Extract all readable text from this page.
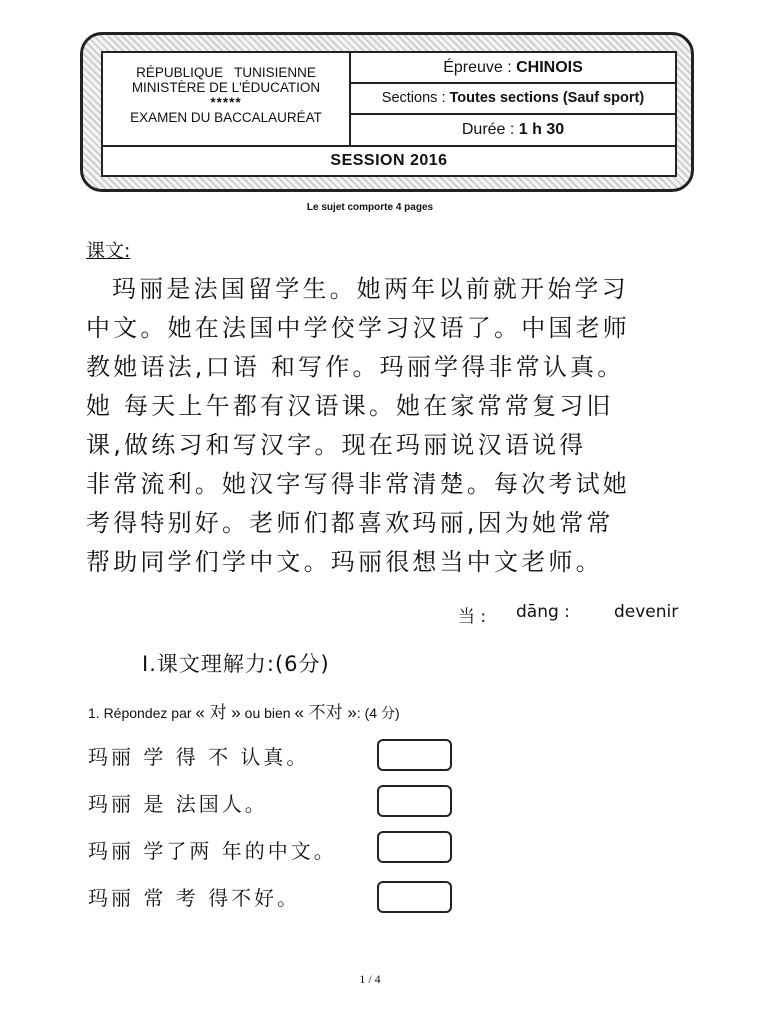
RÉPUBLIQUE   TUNISIENNE
MINISTÈRE DE L'ÉDUCATION
*****
EXAMEN DU BACCALAURÉAT
Épreuve : CHINOIS
Sections : Toutes sections (Sauf sport)
Durée : 1 h 30
SESSION 2016
Le sujet comporte 4 pages
课文:
玛丽是法国留学生。她两年以前就开始学习
中文。她在法国中学佼学习汉语了。中国老师
教她语法,口语 和写作。玛丽学得非常认真。
她 每天上午都有汉语课。她在家常常复习旧
课,做练习和写汉字。现在玛丽说汉语说得
非常流利。她汉字写得非常清楚。每次考试她
考得特别好。老师们都喜欢玛丽,因为她常常
帮助同学们学中文。玛丽很想当中文老师。
当 : dāng :	devenir
I.课文理解力:(6分)
1. Répondez par « 对 » ou bien « 不对 »: (4 分)
玛丽 学 得 不 认真。
玛丽 是 法国人。
玛丽 学了两 年的中文。
玛丽 常 考 得不好。
1 / 4
